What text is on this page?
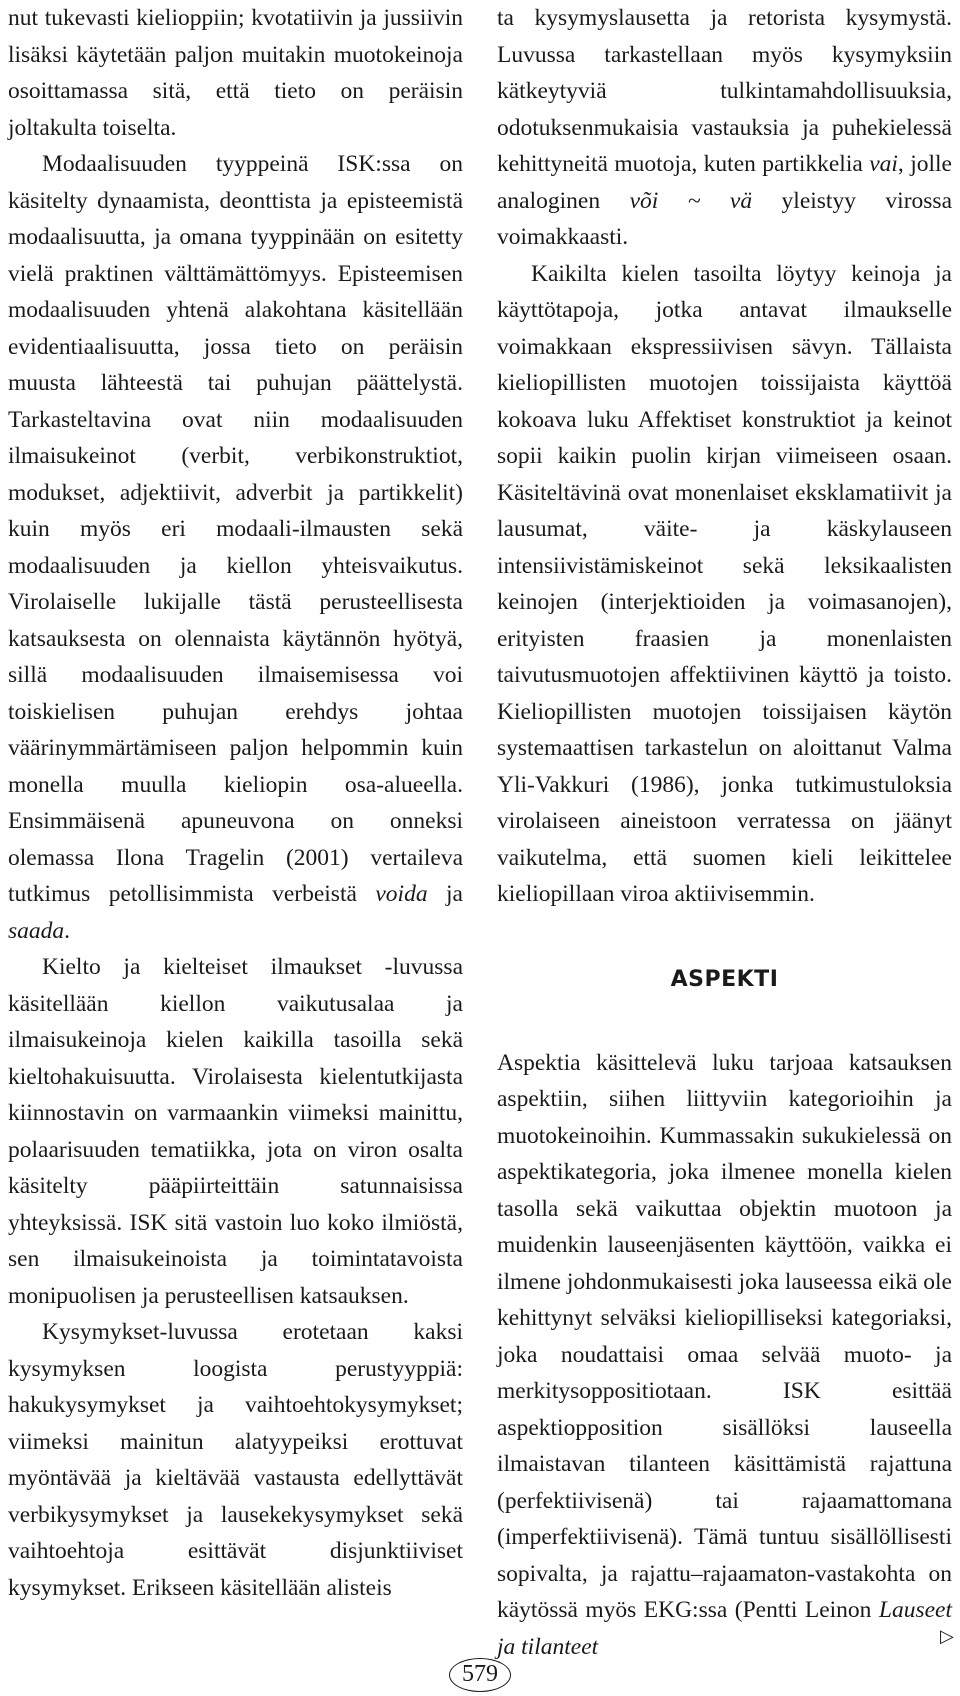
nut tukevasti kielioppiin; kvotatiivin ja jussiivin lisäksi käytetään paljon muitakin muotokeinoja osoittamassa sitä, että tieto on peräisin joltakulta toiselta.

Modaalisuuden tyyppeinä ISK:ssa on käsitelty dynaamista, deonttista ja episteemistä modaalisuutta, ja omana tyyppinään on esitetty vielä praktinen välttämättömyys. Episteemisen modaalisuuden yhtenä alakohtana käsitellään evidentiaalisuutta, jossa tieto on peräisin muusta lähteestä tai puhujan päättelystä. Tarkasteltavina ovat niin modaalisuuden ilmaisukeinot (verbit, verbikonstruktiot, modukset, adjektiivit, adverbit ja partikkelit) kuin myös eri modaali-ilmausten sekä modaalisuuden ja kiellon yhteisvaikutus. Virolaiselle lukijalle tästä perusteellisesta katsauksesta on olennaista käytännön hyötyä, sillä modaalisuuden ilmaisemisessa voi toiskielisen puhujan erehdys johtaa väärinymmärtämiseen paljon helpommin kuin monella muulla kieliopin osa-alueella. Ensimmäisenä apuneuvona on onneksi olemassa Ilona Tragelin (2001) vertaileva tutkimus petollisimmista verbeistä voida ja saada.

Kielto ja kielteiset ilmaukset -luvussa käsitellään kiellon vaikutusalaa ja ilmaisukeinoja kielen kaikilla tasoilla sekä kieltohakuisuutta. Virolaisesta kielentutkijasta kiinnostavin on varmaankin viimeksi mainittu, polaarisuuden tematiikka, jota on viron osalta käsitelty pääpiirteittäin satunnaisissa yhteyksissä. ISK sitä vastoin luo koko ilmiöstä, sen ilmaisukeinoista ja toimintatavoista monipuolisen ja perusteellisen katsauksen.

Kysymykset-luvussa erotetaan kaksi kysymyksen loogista perustyyppiä: hakukysymykset ja vaihtoehtokysymykset; viimeksi mainitun alatyypeiksi erottuvat myöntävää ja kieltävää vastausta edellyttävät verbikysymykset ja lausekekysymykset sekä vaihtoehtoja esittävät disjunktiiviset kysymykset. Erikseen käsitellään alisteis

ta kysymyslausetta ja retorista kysymystä. Luvussa tarkastellaan myös kysymyksiin kätkeytyviä tulkintamahdollisuuksia, odotuksenmukaisia vastauksia ja puhekielessä kehittyneitä muotoja, kuten partikkelia vai, jolle analoginen või ~ vä yleistyy virossa voimakkaasti.

Kaikilta kielen tasoilta löytyy keinoja ja käyttötapoja, jotka antavat ilmaukselle voimakkaan ekspressiivisen sävyn. Tällaista kieliopillisten muotojen toissijaista käyttöä kokoava luku Affektiset konstruktiot ja keinot sopii kaikin puolin kirjan viimeiseen osaan. Käsiteltävinä ovat monenlaiset eksklamatiivit ja lausumat, väite- ja käskylauseen intensiivistämiskeinot sekä leksikaalisten keinojen (interjektioiden ja voimasanojen), erityisten fraasien ja monenlaisten taivutusmuotojen affektiivinen käyttö ja toisto. Kieliopillisten muotojen toissijaisen käytön systemaattisen tarkastelun on aloittanut Valma Yli-Vakkuri (1986), jonka tutkimustuloksia virolaiseen aineistoon verratessa on jäänyt vaikutelma, että suomen kieli leikittelee kieliopillaan viroa aktiivisemmin.

ASPEKTI

Aspektia käsittelevä luku tarjoaa katsauksen aspektiin, siihen liittyviin kategorioihin ja muotokeinoihin. Kummassakin sukukielessä on aspektikategoria, joka ilmenee monella kielen tasolla sekä vaikuttaa objektin muotoon ja muidenkin lauseenjäsenten käyttöön, vaikka ei ilmene johdonmukaisesti joka lauseessa eikä ole kehittynyt selväksi kieliopilliseksi kategoriaksi, joka noudattaisi omaa selvää muoto- ja merkitysoppositiotaan. ISK esittää aspektiopposition sisällöksi lauseella ilmaistavan tilanteen käsittämistä rajattuna (perfektiivisenä) tai rajaamattomana (imperfektiivisenä). Tämä tuntuu sisällöllisesti sopivalta, ja rajattu–rajaamaton-vastakohta on käytössä myös EKG:ssa (Pentti Leinon Lauseet ja tilanteet	▷
579
